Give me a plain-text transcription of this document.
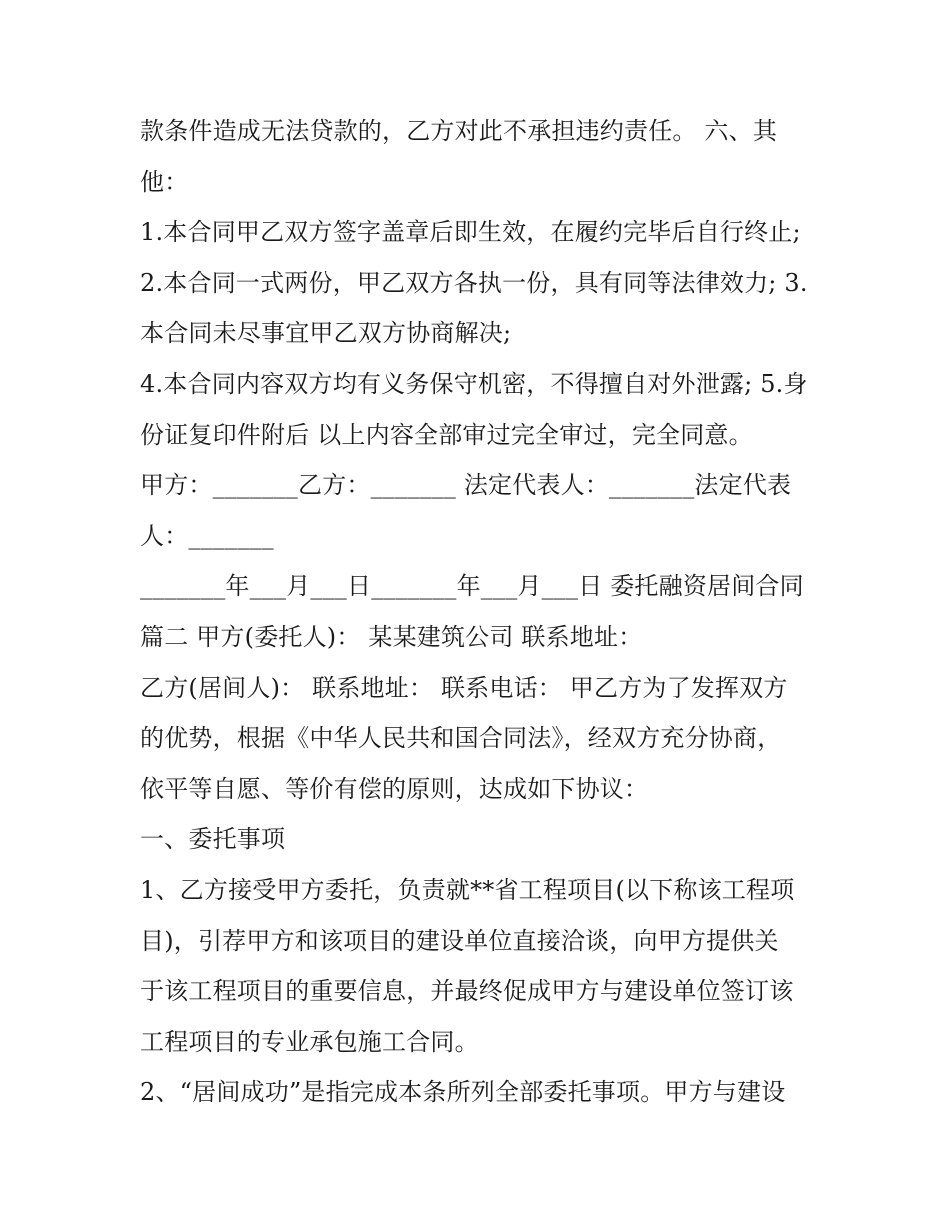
款条件造成无法贷款的，乙方对此不承担违约责任。 六、其
他：
1.本合同甲乙双方签字盖章后即生效，在履约完毕后自行终止;
2.本合同一式两份，甲乙双方各执一份，具有同等法律效力; 3.
本合同未尽事宜甲乙双方协商解决;
4.本合同内容双方均有义务保守机密，不得擅自对外泄露; 5.身
份证复印件附后 以上内容全部审过完全审过，完全同意。
甲方：_______乙方：_______ 法定代表人：_______法定代表
人：_______
_______年___月___日_______年___月___日 委托融资居间合同
篇二 甲方(委托人)： 某某建筑公司 联系地址：
乙方(居间人)： 联系地址： 联系电话： 甲乙方为了发挥双方
的优势，根据《中华人民共和国合同法》，经双方充分协商，
依平等自愿、等价有偿的原则，达成如下协议：
一、委托事项
1、乙方接受甲方委托，负责就**省工程项目(以下称该工程项
目)，引荐甲方和该项目的建设单位直接洽谈，向甲方提供关
于该工程项目的重要信息，并最终促成甲方与建设单位签订该
工程项目的专业承包施工合同。
2、“居间成功”是指完成本条所列全部委托事项。甲方与建设
